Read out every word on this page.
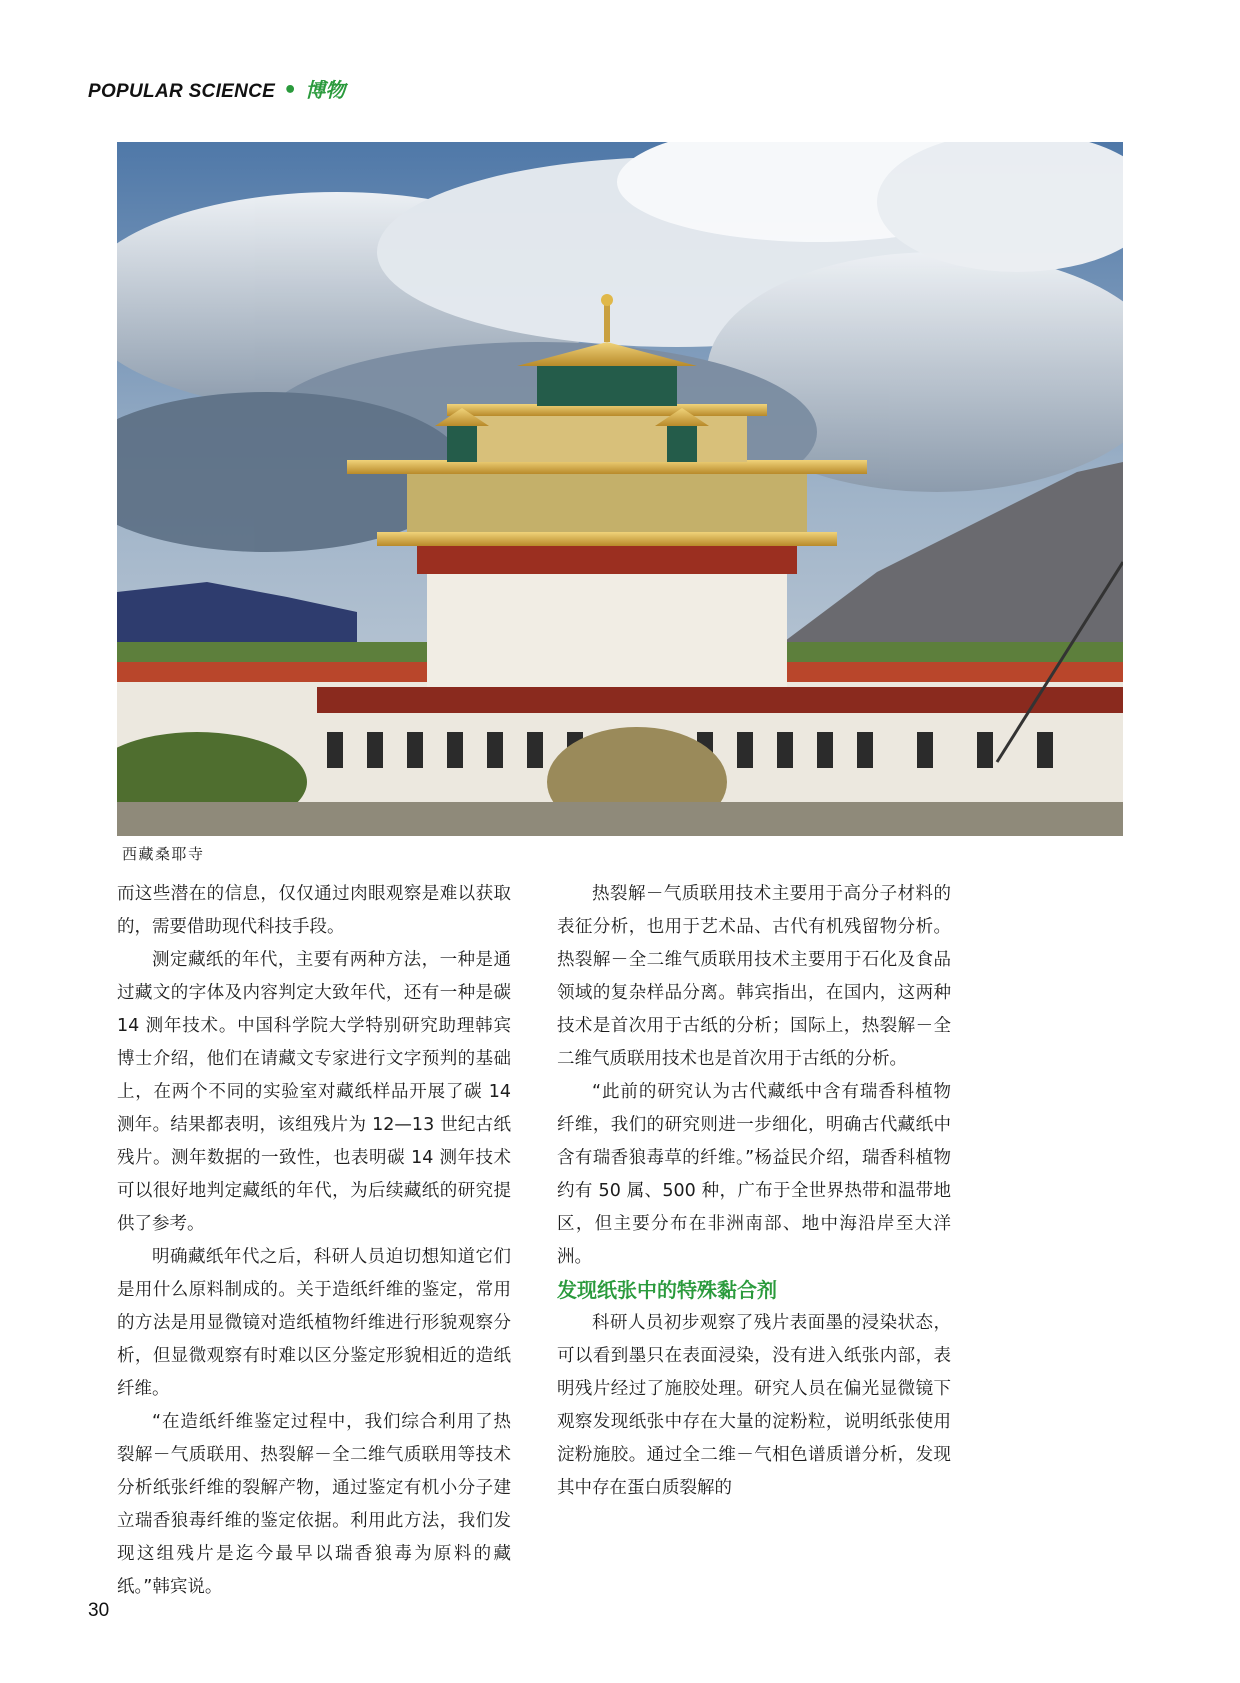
POPULAR SCIENCE • 博物
西藏桑耶寺

而这些潜在的信息，仅仅通过肉眼观察是难以获取的，需要借助现代科技手段。

测定藏纸的年代，主要有两种方法，一种是通过藏文的字体及内容判定大致年代，还有一种是碳 14 测年技术。中国科学院大学特别研究助理韩宾博士介绍，他们在请藏文专家进行文字预判的基础上，在两个不同的实验室对藏纸样品开展了碳 14 测年。结果都表明，该组残片为 12—13 世纪古纸残片。测年数据的一致性，也表明碳 14 测年技术可以很好地判定藏纸的年代，为后续藏纸的研究提供了参考。

明确藏纸年代之后，科研人员迫切想知道它们是用什么原料制成的。关于造纸纤维的鉴定，常用的方法是用显微镜对造纸植物纤维进行形貌观察分析，但显微观察有时难以区分鉴定形貌相近的造纸纤维。

“在造纸纤维鉴定过程中，我们综合利用了热裂解－气质联用、热裂解－全二维气质联用等技术分析纸张纤维的裂解产物，通过鉴定有机小分子建立瑞香狼毒纤维的鉴定依据。利用此方法，我们发现这组残片是迄今最早以瑞香狼毒为原料的藏纸。”韩宾说。

热裂解－气质联用技术主要用于高分子材料的表征分析，也用于艺术品、古代有机残留物分析。热裂解－全二维气质联用技术主要用于石化及食品领域的复杂样品分离。韩宾指出，在国内，这两种技术是首次用于古纸的分析；国际上，热裂解－全二维气质联用技术也是首次用于古纸的分析。

“此前的研究认为古代藏纸中含有瑞香科植物纤维，我们的研究则进一步细化，明确古代藏纸中含有瑞香狼毒草的纤维。”杨益民介绍，瑞香科植物约有 50 属、500 种，广布于全世界热带和温带地区，但主要分布在非洲南部、地中海沿岸至大洋洲。

发现纸张中的特殊黏合剂

科研人员初步观察了残片表面墨的浸染状态，可以看到墨只在表面浸染，没有进入纸张内部，表明残片经过了施胶处理。研究人员在偏光显微镜下观察发现纸张中存在大量的淀粉粒，说明纸张使用淀粉施胶。通过全二维－气相色谱质谱分析，发现其中存在蛋白质裂解的

30
